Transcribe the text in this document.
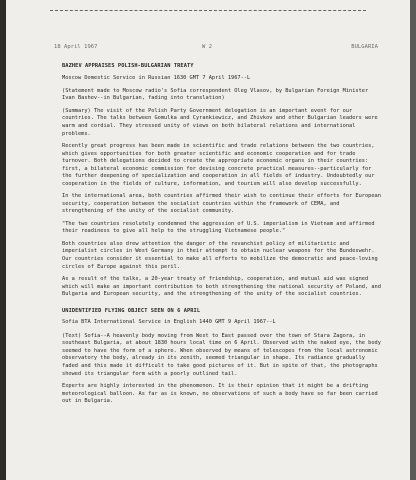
18 April 1967	W 2	BULGARIA

BAZHEV APPRAISES POLISH-BULGARIAN TREATY

Moscow Domestic Service in Russian 1630 GMT 7 April 1967--L

(Statement made to Moscow radio's Sofia correspondent Oleg Vlasov, by Bulgarian Foreign Minister Ivan Bashev--in Bulgarian, fading into translation)

(Summary) The visit of the Polish Party Government delegation is an important event for our countries. The talks between Gomulka and Cyrankiewicz, and Zhivkov and other Bulgarian leaders were warm and cordial. They stressed unity of views on both bilateral relations and international problems.

Recently great progress has been made in scientific and trade relations between the two countries, which gives opportunities for both greater scientific and economic cooperation and for trade turnover. Both delegations decided to create the appropriate economic organs in their countries: first, a bilateral economic commission for devising concrete practical measures--particularly for the further deepening of specialization and cooperation in all fields of industry. Undoubtedly our cooperation in the fields of culture, information, and tourism will also develop successfully.

In the international area, both countries affirmed their wish to continue their efforts for European security, cooperation between the socialist countries within the framework of CEMA, and strengthening of the unity of the socialist community.

"The two countries resolutely condemned the aggression of U.S. imperialism in Vietnam and affirmed their readiness to give all help to the struggling Vietnamese people."

Both countries also drew attention the danger of the revanchist policy of militaristic and imperialist circles in West Germany in their attempt to obtain nuclear weapons for the Bundeswehr. Our countries consider it essential to make all efforts to mobilize the democratic and peace-loving circles of Europe against this peril.

As a result of the talks, a 20-year treaty of friendship, cooperation, and mutual aid was signed which will make an important contribution to both strengthening the national security of Poland, and Bulgaria and European security, and the strengthening of the unity of the socialist countries.

UNIDENTIFIED FLYING OBJECT SEEN ON 6 APRIL

Sofia BTA International Service in English 1440 GMT 9 April 1967--L

(Text) Sofia--A heavenly body moving from West to East passed over the town of Stara Zagora, in southeast Bulgaria, at about 1830 hours local time on 6 April. Observed with the naked eye, the body seemed to have the form of a sphere. When observed by means of telescopes from the local astronomic observatory the body, already in its zenith, seemed triangular in shape. Its radiance gradually faded and this made it difficult to take good pictures of it. But in spite of that, the photographs showed its triangular form with a poorly outlined tail.

Experts are highly interested in the phenomenon. It is their opinion that it might be a drifting meteorological balloon. As far as is known, no observations of such a body have so far been carried out in Bulgaria.
